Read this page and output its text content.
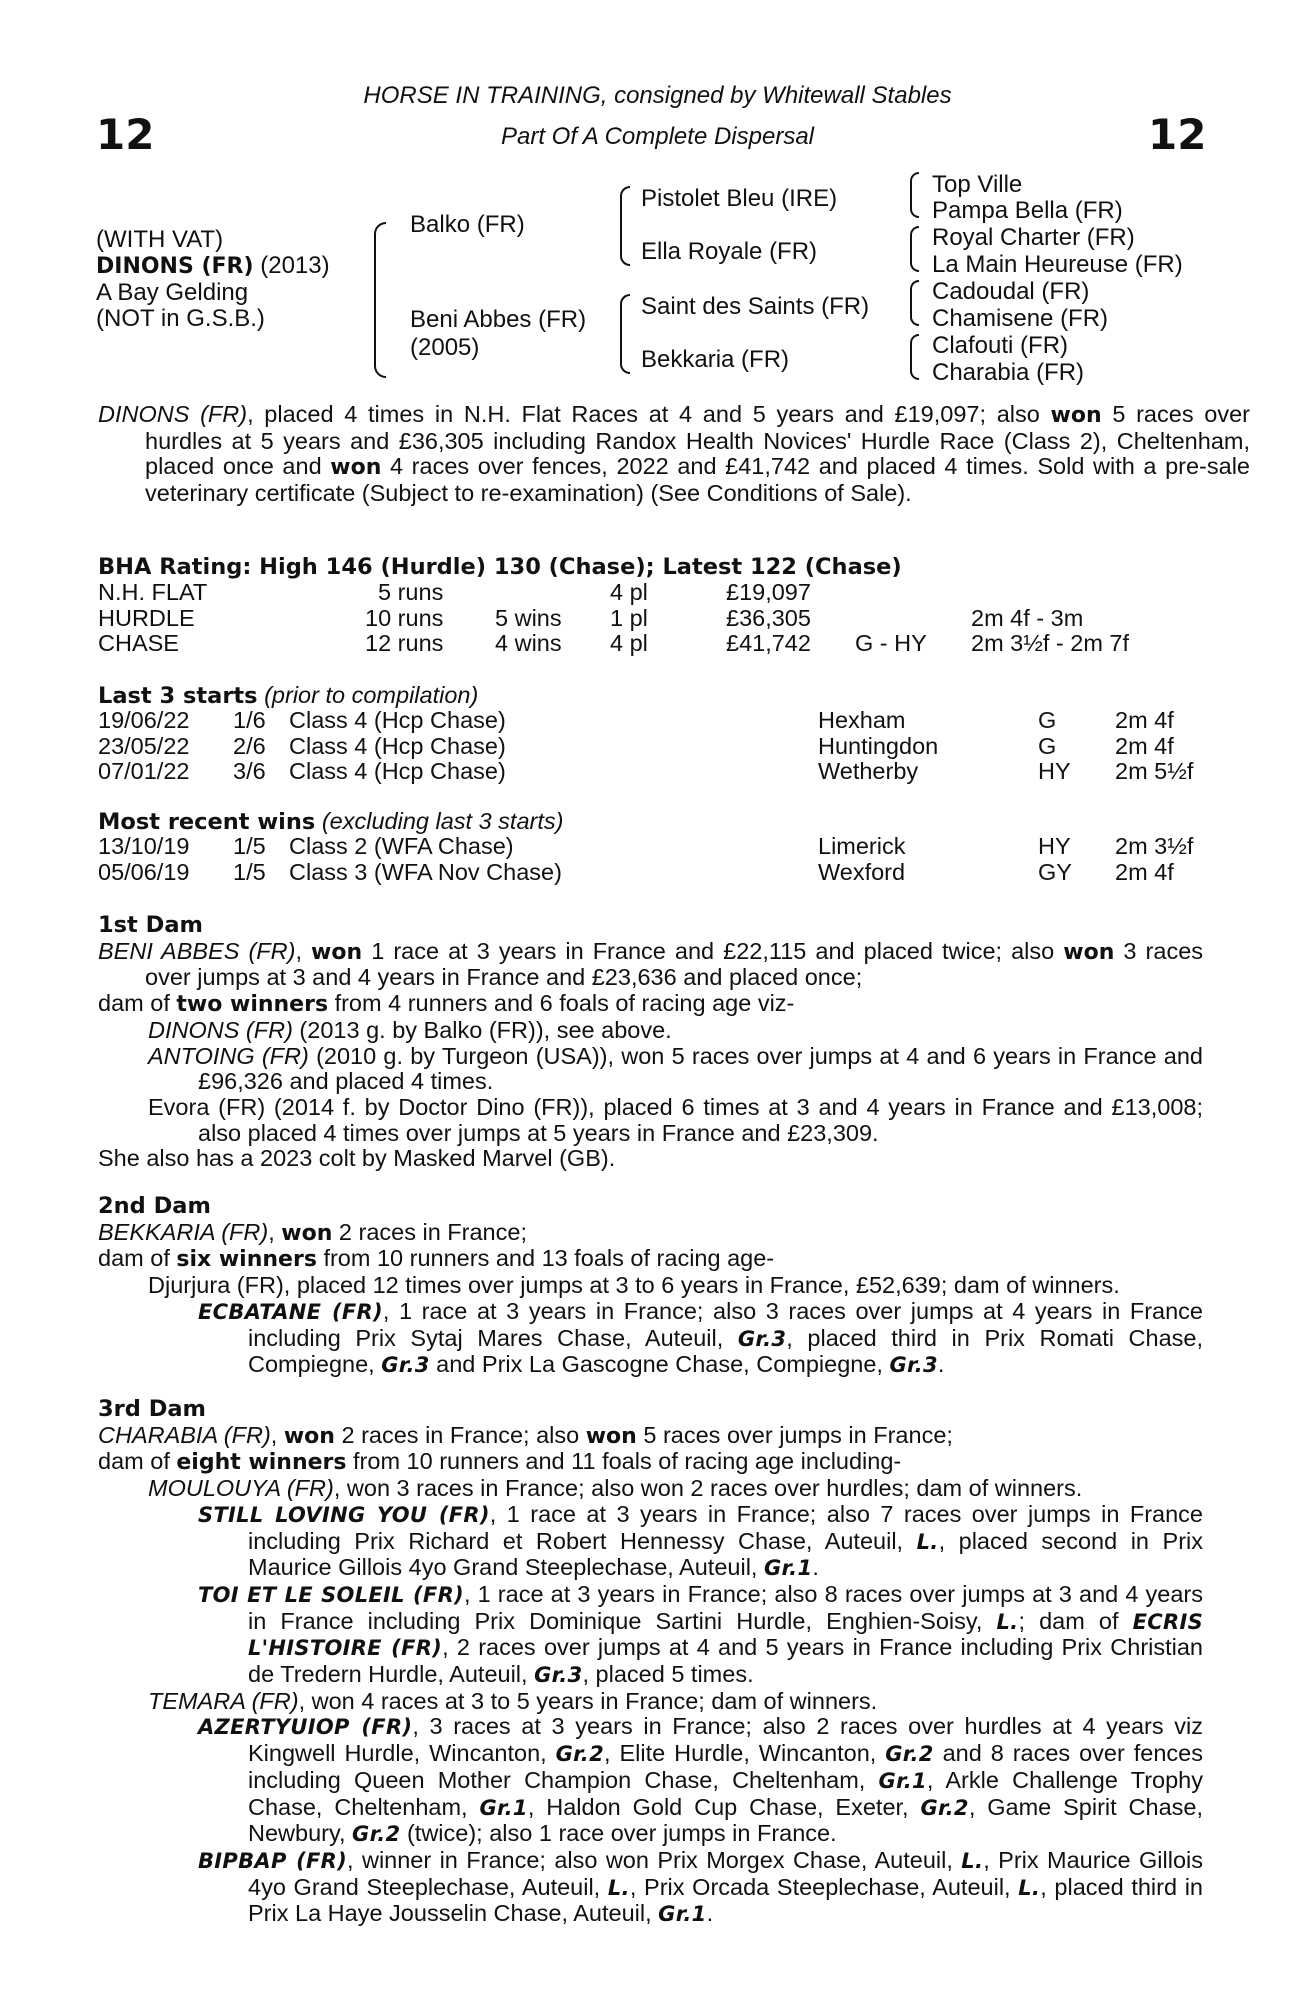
12	12
HORSE IN TRAINING, consigned by Whitewall Stables
Part Of A Complete Dispersal
(WITH VAT)
DINONS (FR) (2013)
A Bay Gelding
(NOT in G.S.B.)
Balko (FR)
Beni Abbes (FR)
(2005)
Pistolet Bleu (IRE)
Ella Royale (FR)
Saint des Saints (FR)
Bekkaria (FR)
Top Ville
Pampa Bella (FR)
Royal Charter (FR)
La Main Heureuse (FR)
Cadoudal (FR)
Chamisene (FR)
Clafouti (FR)
Charabia (FR)
DINONS (FR), placed 4 times in N.H. Flat Races at 4 and 5 years and £19,097; also won 5 races over hurdles at 5 years and £36,305 including Randox Health Novices' Hurdle Race (Class 2), Cheltenham, placed once and won 4 races over fences, 2022 and £41,742 and placed 4 times. Sold with a pre-sale veterinary certificate (Subject to re-examination) (See Conditions of Sale).
BHA Rating: High 146 (Hurdle) 130 (Chase); Latest 122 (Chase)
N.H. FLAT	5 runs	4 pl	£19,097
HURDLE	10 runs 5 wins 1 pl	£36,305	2m 4f - 3m
CHASE	12 runs 4 wins 4 pl	£41,742 G - HY 2m 3½f - 2m 7f
Last 3 starts (prior to compilation)
19/06/22 1/6 Class 4 (Hcp Chase)	Hexham	G 2m 4f
23/05/22 2/6 Class 4 (Hcp Chase)	Huntingdon	G 2m 4f
07/01/22 3/6 Class 4 (Hcp Chase)	Wetherby	HY 2m 5½f
Most recent wins (excluding last 3 starts)
13/10/19 1/5 Class 2 (WFA Chase)	Limerick	HY 2m 3½f
05/06/19 1/5 Class 3 (WFA Nov Chase)	Wexford	GY 2m 4f

1st Dam

BENI ABBES (FR), won 1 race at 3 years in France and £22,115 and placed twice; also won 3 races over jumps at 3 and 4 years in France and £23,636 and placed once;

dam of two winners from 4 runners and 6 foals of racing age viz-

DINONS (FR) (2013 g. by Balko (FR)), see above.

ANTOING (FR) (2010 g. by Turgeon (USA)), won 5 races over jumps at 4 and 6 years in France and £96,326 and placed 4 times.

Evora (FR) (2014 f. by Doctor Dino (FR)), placed 6 times at 3 and 4 years in France and £13,008; also placed 4 times over jumps at 5 years in France and £23,309.

She also has a 2023 colt by Masked Marvel (GB).

2nd Dam

BEKKARIA (FR), won 2 races in France;

dam of six winners from 10 runners and 13 foals of racing age-

Djurjura (FR), placed 12 times over jumps at 3 to 6 years in France, £52,639; dam of winners.

ECBATANE (FR), 1 race at 3 years in France; also 3 races over jumps at 4 years in France including Prix Sytaj Mares Chase, Auteuil, Gr.3, placed third in Prix Romati Chase, Compiegne, Gr.3 and Prix La Gascogne Chase, Compiegne, Gr.3.

3rd Dam

CHARABIA (FR), won 2 races in France; also won 5 races over jumps in France;

dam of eight winners from 10 runners and 11 foals of racing age including-

MOULOUYA (FR), won 3 races in France; also won 2 races over hurdles; dam of winners.

STILL LOVING YOU (FR), 1 race at 3 years in France; also 7 races over jumps in France including Prix Richard et Robert Hennessy Chase, Auteuil, L., placed second in Prix Maurice Gillois 4yo Grand Steeplechase, Auteuil, Gr.1.

TOI ET LE SOLEIL (FR), 1 race at 3 years in France; also 8 races over jumps at 3 and 4 years in France including Prix Dominique Sartini Hurdle, Enghien-Soisy, L.; dam of ECRIS L'HISTOIRE (FR), 2 races over jumps at 4 and 5 years in France including Prix Christian de Tredern Hurdle, Auteuil, Gr.3, placed 5 times.

TEMARA (FR), won 4 races at 3 to 5 years in France; dam of winners.

AZERTYUIOP (FR), 3 races at 3 years in France; also 2 races over hurdles at 4 years viz Kingwell Hurdle, Wincanton, Gr.2, Elite Hurdle, Wincanton, Gr.2 and 8 races over fences including Queen Mother Champion Chase, Cheltenham, Gr.1, Arkle Challenge Trophy Chase, Cheltenham, Gr.1, Haldon Gold Cup Chase, Exeter, Gr.2, Game Spirit Chase, Newbury, Gr.2 (twice); also 1 race over jumps in France.

BIPBAP (FR), winner in France; also won Prix Morgex Chase, Auteuil, L., Prix Maurice Gillois 4yo Grand Steeplechase, Auteuil, L., Prix Orcada Steeplechase, Auteuil, L., placed third in Prix La Haye Jousselin Chase, Auteuil, Gr.1.
